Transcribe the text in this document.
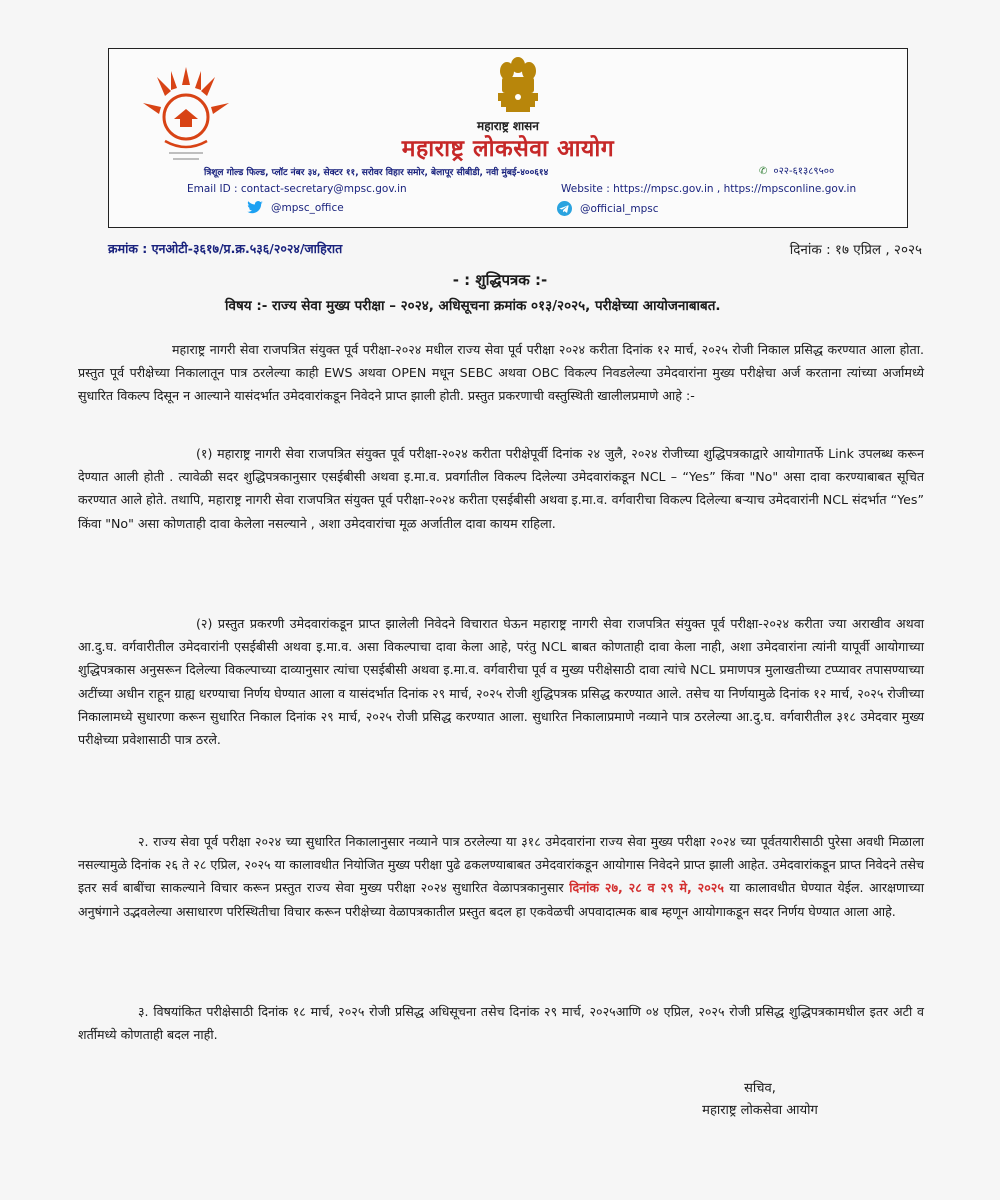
महाराष्ट्र शासन
महाराष्ट्र लोकसेवा आयोग
त्रिशूल गोल्ड फिल्ड, प्लॉट नंबर ३४, सेक्टर ११, सरोवर विहार समोर, बेलापूर सीबीडी, नवी मुंबई-४००६१४	✆ ०२२-६१३८९५००
Email ID : contact-secretary@mpsc.gov.in	Website : https://mpsc.gov.in , https://mpsconline.gov.in
@mpsc_office	@official_mpsc
क्रमांक : एनओटी-३६१७/प्र.क्र.५३६/२०२४/जाहिरात	दिनांक : १७ एप्रिल , २०२५
- : शुद्धिपत्रक :-
विषय :- राज्य सेवा मुख्य परीक्षा – २०२४, अधिसूचना क्रमांक ०१३/२०२५, परीक्षेच्या आयोजनाबाबत.
महाराष्ट्र नागरी सेवा राजपत्रित संयुक्त पूर्व परीक्षा-२०२४ मधील राज्य सेवा पूर्व परीक्षा २०२४ करीता दिनांक १२ मार्च, २०२५ रोजी निकाल प्रसिद्ध करण्यात आला होता. प्रस्तुत पूर्व परीक्षेच्या निकालातून पात्र ठरलेल्या काही EWS अथवा OPEN मधून SEBC अथवा OBC विकल्प निवडलेल्या उमेदवारांना मुख्य परीक्षेचा अर्ज करताना त्यांच्या अर्जामध्ये सुधारित विकल्प दिसून न आल्याने यासंदर्भात उमेदवारांकडून निवेदने प्राप्त झाली होती. प्रस्तुत प्रकरणाची वस्तुस्थिती खालीलप्रमाणे आहे :-
(१) महाराष्ट्र नागरी सेवा राजपत्रित संयुक्त पूर्व परीक्षा-२०२४ करीता परीक्षेपूर्वी दिनांक २४ जुलै, २०२४ रोजीच्या शुद्धिपत्रकाद्वारे आयोगातर्फे Link उपलब्ध करून देण्यात आली होती . त्यावेळी सदर शुद्धिपत्रकानुसार एसईबीसी अथवा इ.मा.व. प्रवर्गातील विकल्प दिलेल्या उमेदवारांकडून NCL – “Yes” किंवा "No" असा दावा करण्याबाबत सूचित करण्यात आले होते. तथापि, महाराष्ट्र नागरी सेवा राजपत्रित संयुक्त पूर्व परीक्षा-२०२४ करीता एसईबीसी अथवा इ.मा.व. वर्गवारीचा विकल्प दिलेल्या बऱ्याच उमेदवारांनी NCL संदर्भात “Yes” किंवा "No" असा कोणताही दावा केलेला नसल्याने , अशा उमेदवारांचा मूळ अर्जातील दावा कायम राहिला.
(२) प्रस्तुत प्रकरणी उमेदवारांकडून प्राप्त झालेली निवेदने विचारात घेऊन महाराष्ट्र नागरी सेवा राजपत्रित संयुक्त पूर्व परीक्षा-२०२४ करीता ज्या अराखीव अथवा आ.दु.घ. वर्गवारीतील उमेदवारांनी एसईबीसी अथवा इ.मा.व. असा विकल्पाचा दावा केला आहे, परंतु NCL बाबत कोणताही दावा केला नाही, अशा उमेदवारांना त्यांनी यापूर्वी आयोगाच्या शुद्धिपत्रकास अनुसरून दिलेल्या विकल्पाच्या दाव्यानुसार त्यांचा एसईबीसी अथवा इ.मा.व. वर्गवारीचा पूर्व व मुख्य परीक्षेसाठी दावा त्यांचे NCL प्रमाणपत्र मुलाखतीच्या टप्प्यावर तपासण्याच्या अटींच्या अधीन राहून ग्राह्य धरण्याचा निर्णय घेण्यात आला व यासंदर्भात दिनांक २९ मार्च, २०२५ रोजी शुद्धिपत्रक प्रसिद्ध करण्यात आले. तसेच या निर्णयामुळे दिनांक १२ मार्च, २०२५ रोजीच्या निकालामध्ये सुधारणा करून सुधारित निकाल दिनांक २९ मार्च, २०२५ रोजी प्रसिद्ध करण्यात आला. सुधारित निकालाप्रमाणे नव्याने पात्र ठरलेल्या आ.दु.घ. वर्गवारीतील ३१८ उमेदवार मुख्य परीक्षेच्या प्रवेशासाठी पात्र ठरले.
२. राज्य सेवा पूर्व परीक्षा २०२४ च्या सुधारित निकालानुसार नव्याने पात्र ठरलेल्या या ३१८ उमेदवारांना राज्य सेवा मुख्य परीक्षा २०२४ च्या पूर्वतयारीसाठी पुरेसा अवधी मिळाला नसल्यामुळे दिनांक २६ ते २८ एप्रिल, २०२५ या कालावधीत नियोजित मुख्य परीक्षा पुढे ढकलण्याबाबत उमेदवारांकडून आयोगास निवेदने प्राप्त झाली आहेत. उमेदवारांकडून प्राप्त निवेदने तसेच इतर सर्व बाबींचा साकल्याने विचार करून प्रस्तुत राज्य सेवा मुख्य परीक्षा २०२४ सुधारित वेळापत्रकानुसार दिनांक २७, २८ व २९ मे, २०२५ या कालावधीत घेण्यात येईल. आरक्षणाच्या अनुषंगाने उद्भवलेल्या असाधारण परिस्थितीचा विचार करून परीक्षेच्या वेळापत्रकातील प्रस्तुत बदल हा एकवेळची अपवादात्मक बाब म्हणून आयोगाकडून सदर निर्णय घेण्यात आला आहे.
३. विषयांकित परीक्षेसाठी दिनांक १८ मार्च, २०२५ रोजी प्रसिद्ध अधिसूचना तसेच दिनांक २९ मार्च, २०२५आणि ०४ एप्रिल, २०२५ रोजी प्रसिद्ध शुद्धिपत्रकामधील इतर अटी व शर्तीमध्ये कोणताही बदल नाही.
सचिव,
महाराष्ट्र लोकसेवा आयोग
